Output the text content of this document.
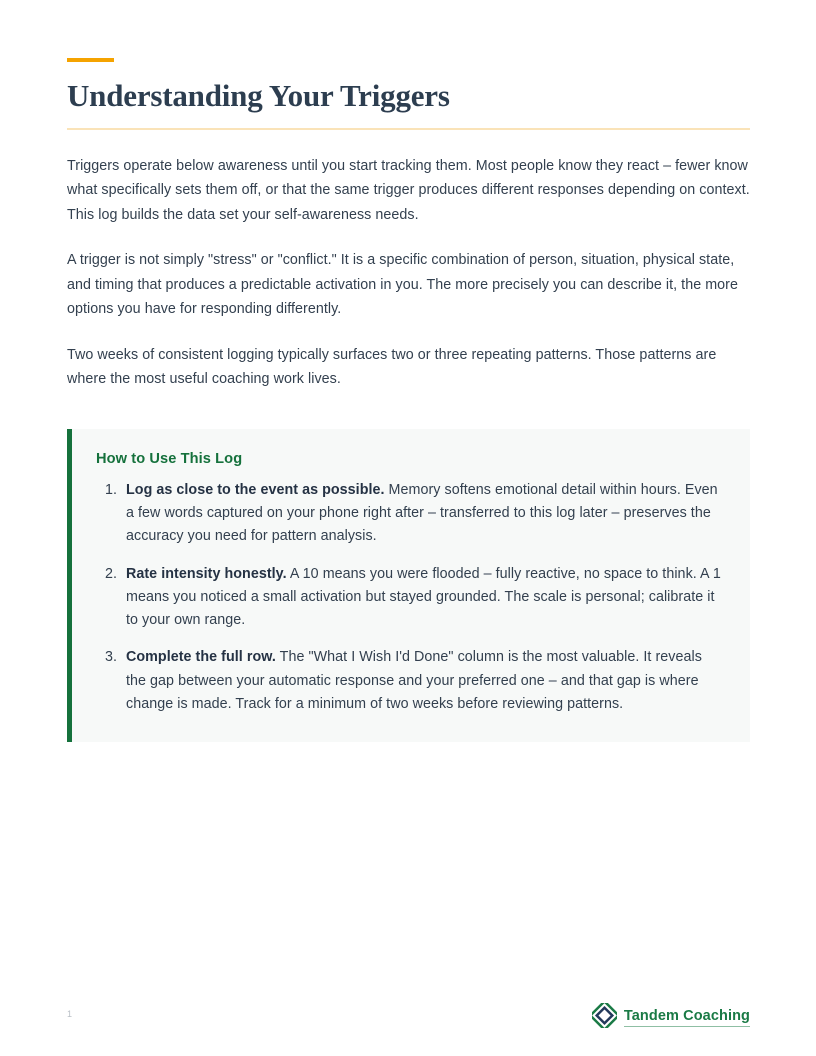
Understanding Your Triggers

Triggers operate below awareness until you start tracking them. Most people know they react – fewer know what specifically sets them off, or that the same trigger produces different responses depending on context. This log builds the data set your self-awareness needs.

A trigger is not simply "stress" or "conflict." It is a specific combination of person, situation, physical state, and timing that produces a predictable activation in you. The more precisely you can describe it, the more options you have for responding differently.

Two weeks of consistent logging typically surfaces two or three repeating patterns. Those patterns are where the most useful coaching work lives.

How to Use This Log

1. Log as close to the event as possible. Memory softens emotional detail within hours. Even a few words captured on your phone right after – transferred to this log later – preserves the accuracy you need for pattern analysis.
2. Rate intensity honestly. A 10 means you were flooded – fully reactive, no space to think. A 1 means you noticed a small activation but stayed grounded. The scale is personal; calibrate it to your own range.
3. Complete the full row. The "What I Wish I'd Done" column is the most valuable. It reveals the gap between your automatic response and your preferred one – and that gap is where change is made. Track for a minimum of two weeks before reviewing patterns.
1	Tandem Coaching
